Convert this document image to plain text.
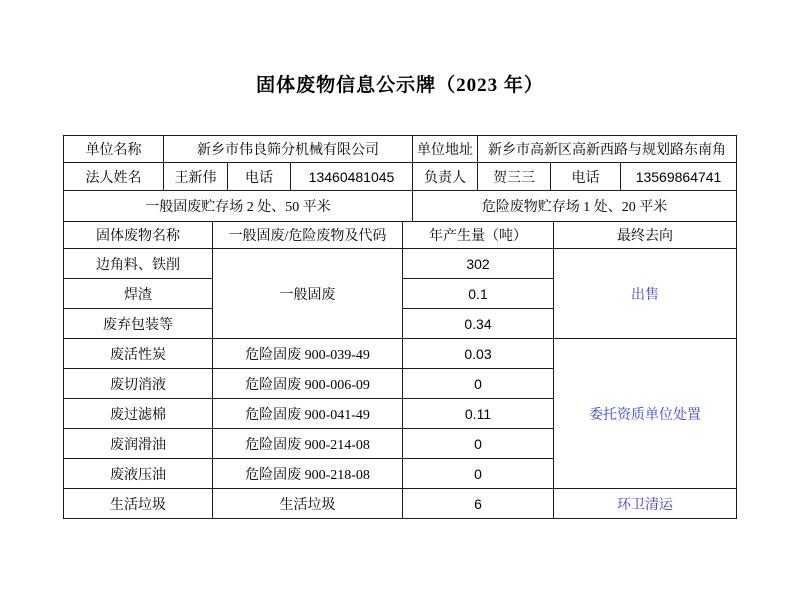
固体废物信息公示牌（2023 年）
单位名称	新乡市伟良筛分机械有限公司			单位地址	新乡市高新区高新西路与规划路东南角		
法人姓名	王新伟	电话	13460481045	负责人	贺三三	电话	13569864741
一般固废贮存场 2 处、50 平米	危险废物贮存场 1 处、20 平米
固体废物名称	一般固废/危险废物及代码	年产生量（吨）	最终去向
边角料、铁削	一般固废	302	出售
焊渣		0.1	
废弃包装等		0.34	
废活性炭	危险固废 900-039-49	0.03	委托资质单位处置
废切消液	危险固废 900-006-09	0	
废过滤棉	危险固废 900-041-49	0.11	
废润滑油	危险固废 900-214-08	0	
废液压油	危险固废 900-218-08	0	
生活垃圾	生活垃圾	6	环卫清运
